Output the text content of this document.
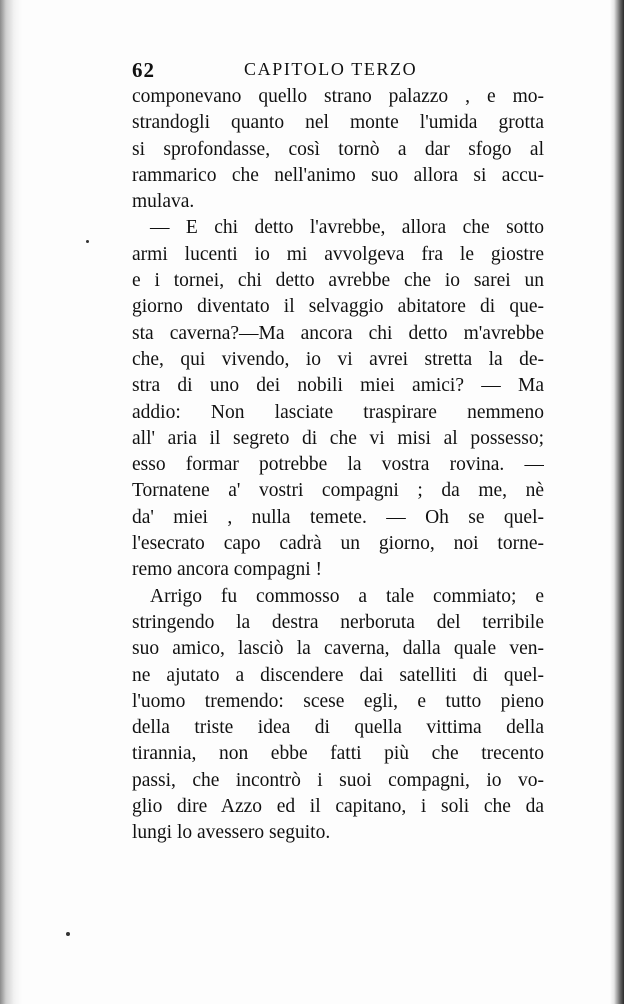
62	CAPITOLO TERZO
componevano quello strano palazzo , e mo-
strandogli quanto nel monte l'umida grotta
si sprofondasse, così tornò a dar sfogo al
rammarico che nell'animo suo allora si accu-
mulava.
— E chi detto l'avrebbe, allora che sotto
armi lucenti io mi avvolgeva fra le giostre
e i tornei, chi detto avrebbe che io sarei un
giorno diventato il selvaggio abitatore di que-
sta caverna?—Ma ancora chi detto m'avrebbe
che, qui vivendo, io vi avrei stretta la de-
stra di uno dei nobili miei amici? — Ma
addio: Non lasciate traspirare nemmeno
all' aria il segreto di che vi misi al possesso;
esso formar potrebbe la vostra rovina. —
Tornatene a' vostri compagni ; da me, nè
da' miei , nulla temete. — Oh se quel-
l'esecrato capo cadrà un giorno, noi torne-
remo ancora compagni !
Arrigo fu commosso a tale commiato; e
stringendo la destra nerboruta del terribile
suo amico, lasciò la caverna, dalla quale ven-
ne ajutato a discendere dai satelliti di quel-
l'uomo tremendo: scese egli, e tutto pieno
della triste idea di quella vittima della
tirannia, non ebbe fatti più che trecento
passi, che incontrò i suoi compagni, io vo-
glio dire Azzo ed il capitano, i soli che da
lungi lo avessero seguito.
